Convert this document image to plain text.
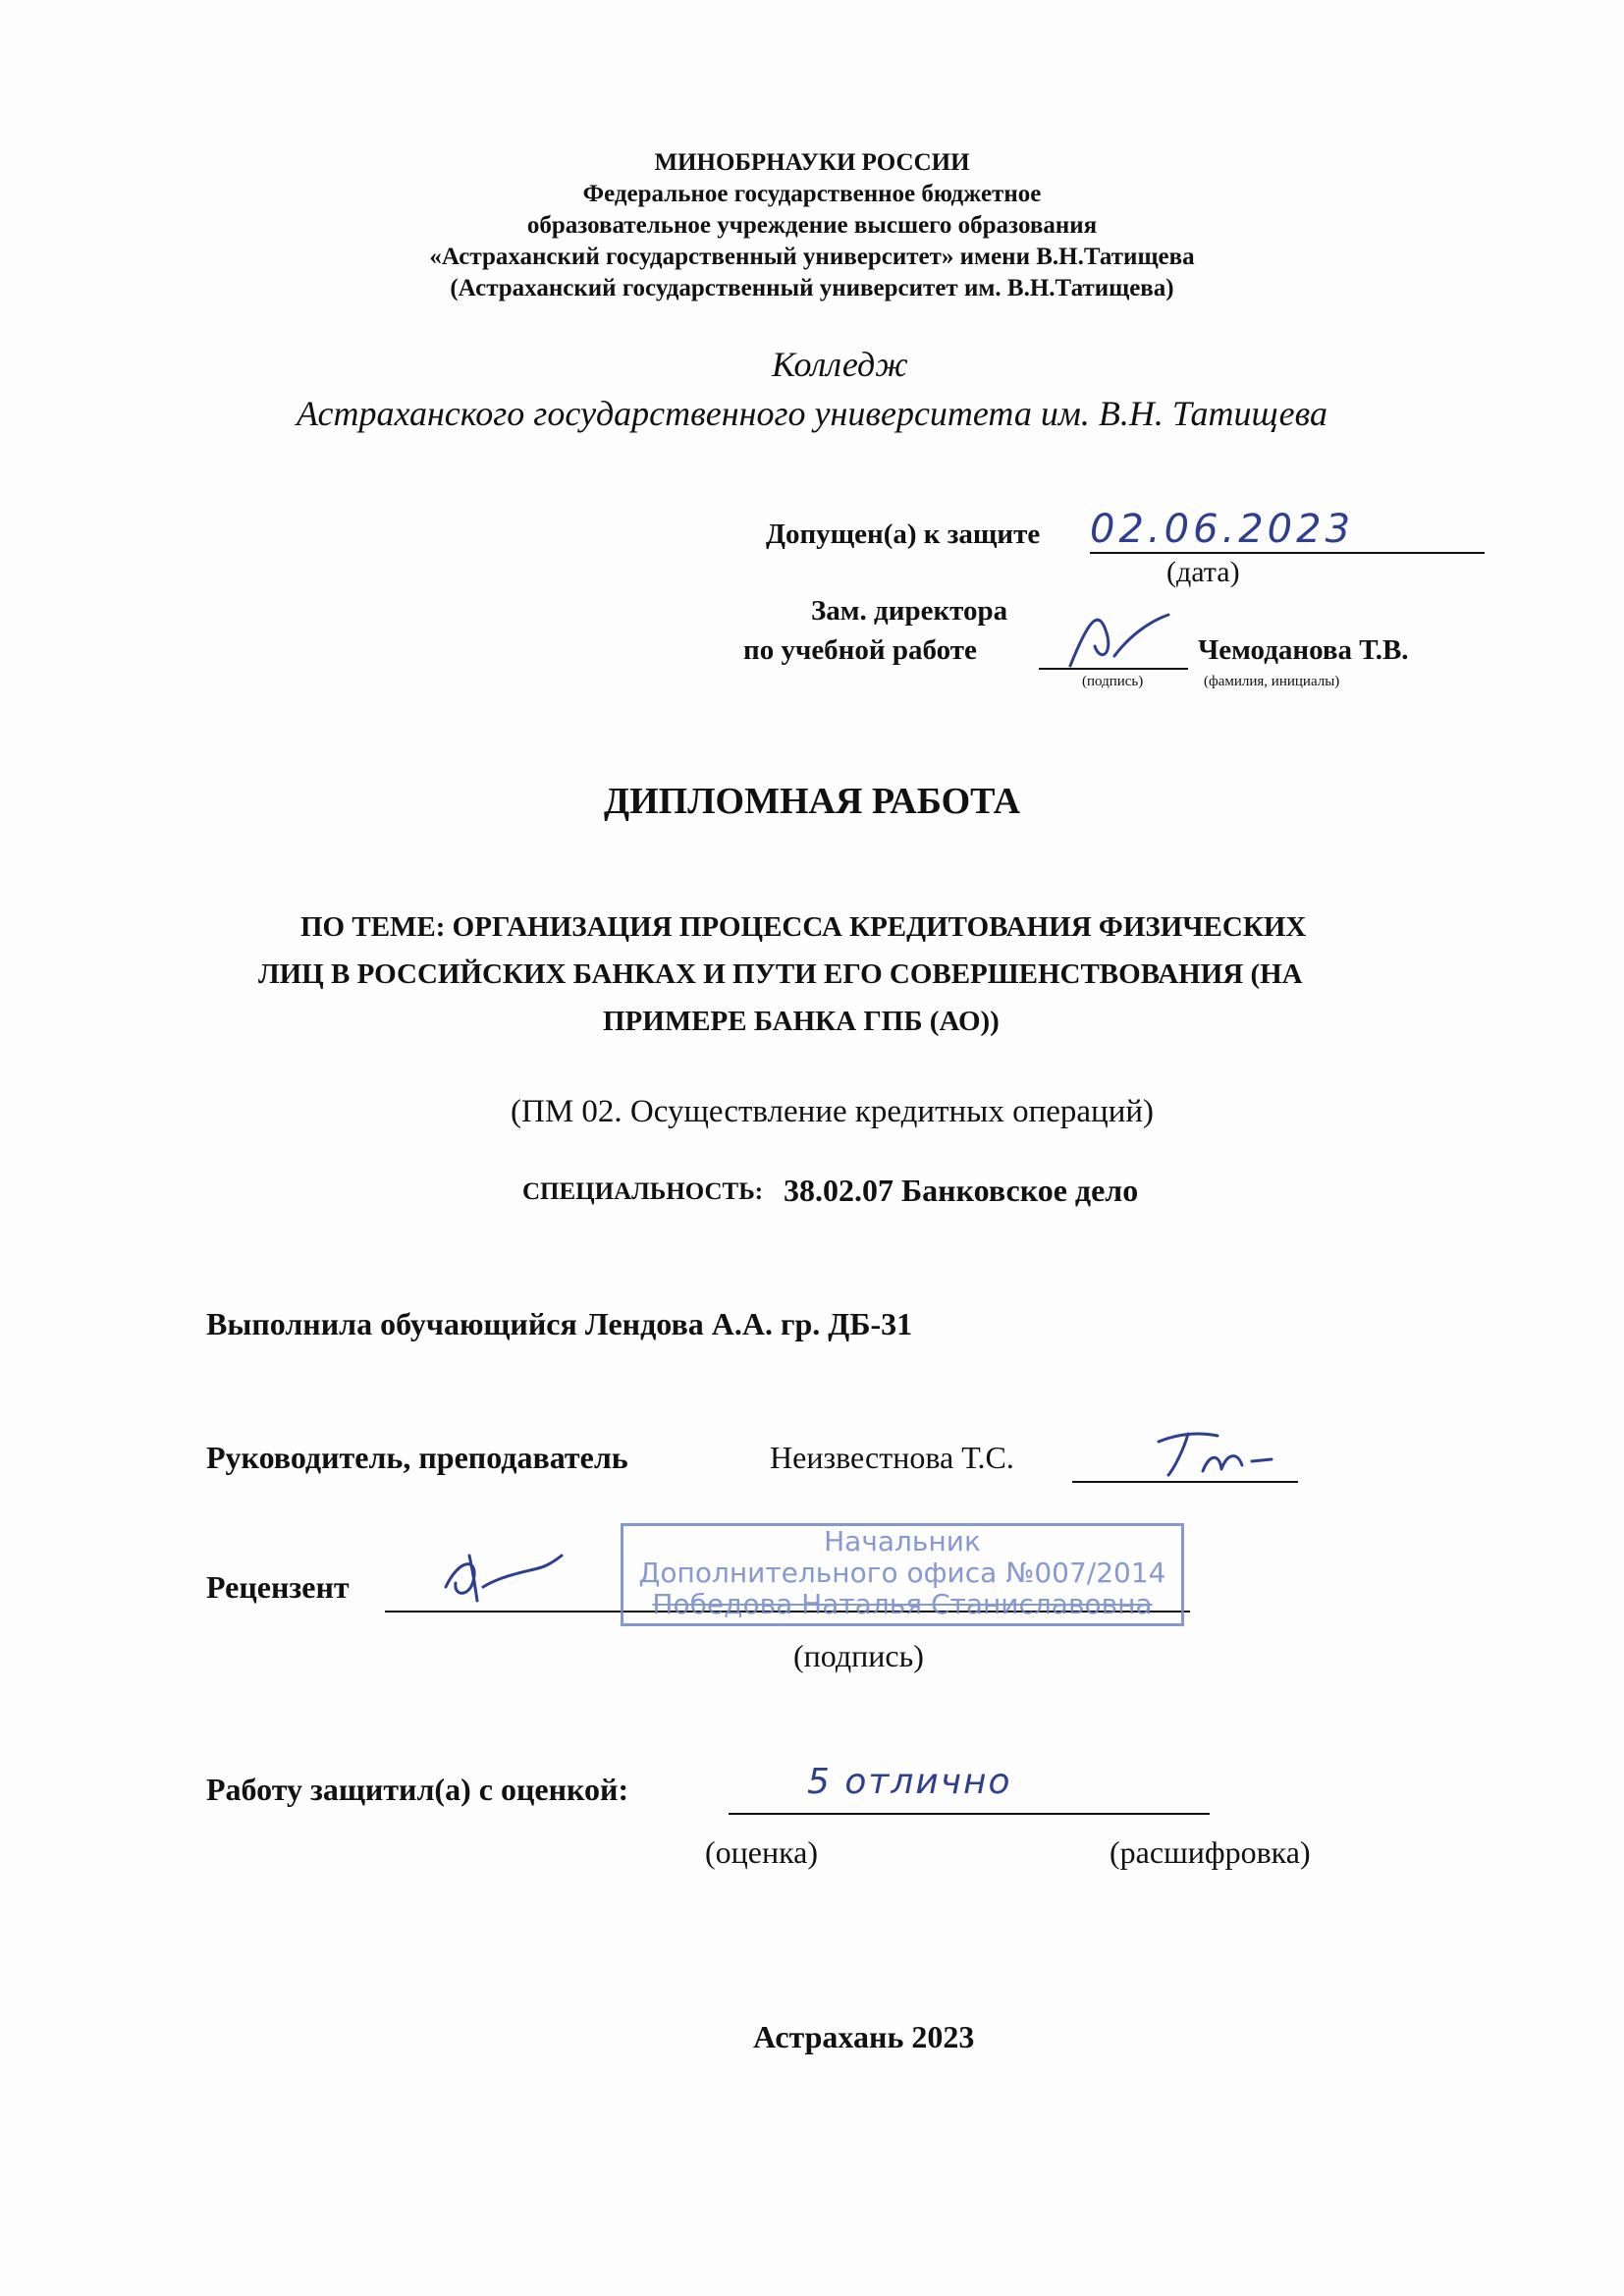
МИНОБРНАУКИ РОССИИ
Федеральное государственное бюджетное
образовательное учреждение высшего образования
«Астраханский государственный университет» имени В.Н.Татищева
(Астраханский государственный университет им. В.Н.Татищева)
Колледж
Астраханского государственного университета им. В.Н. Татищева
Допущен(а) к защите 02.06.2023
(дата)
Зам. директора
по учебной работе
(подпись)
Чемоданова Т.В.
(фамилия, инициалы)
ДИПЛОМНАЯ РАБОТА
ПО ТЕМЕ: ОРГАНИЗАЦИЯ ПРОЦЕССА КРЕДИТОВАНИЯ ФИЗИЧЕСКИХ
ЛИЦ В РОССИЙСКИХ БАНКАХ И ПУТИ ЕГО СОВЕРШЕНСТВОВАНИЯ (НА
ПРИМЕРЕ БАНКА ГПБ (АО))
(ПМ 02. Осуществление кредитных операций)
СПЕЦИАЛЬНОСТЬ: 38.02.07 Банковское дело
Выполнила обучающийся Лендова А.А. гр. ДБ-31
Руководитель, преподаватель	Неизвестнова Т.С.
Рецензент
Начальник
Дополнительного офиса №007/2014
Победова Наталья Станиславовна
(подпись)
Работу защитил(а) с оценкой:	5 отлично
(оценка)	(расшифровка)
Астрахань 2023
